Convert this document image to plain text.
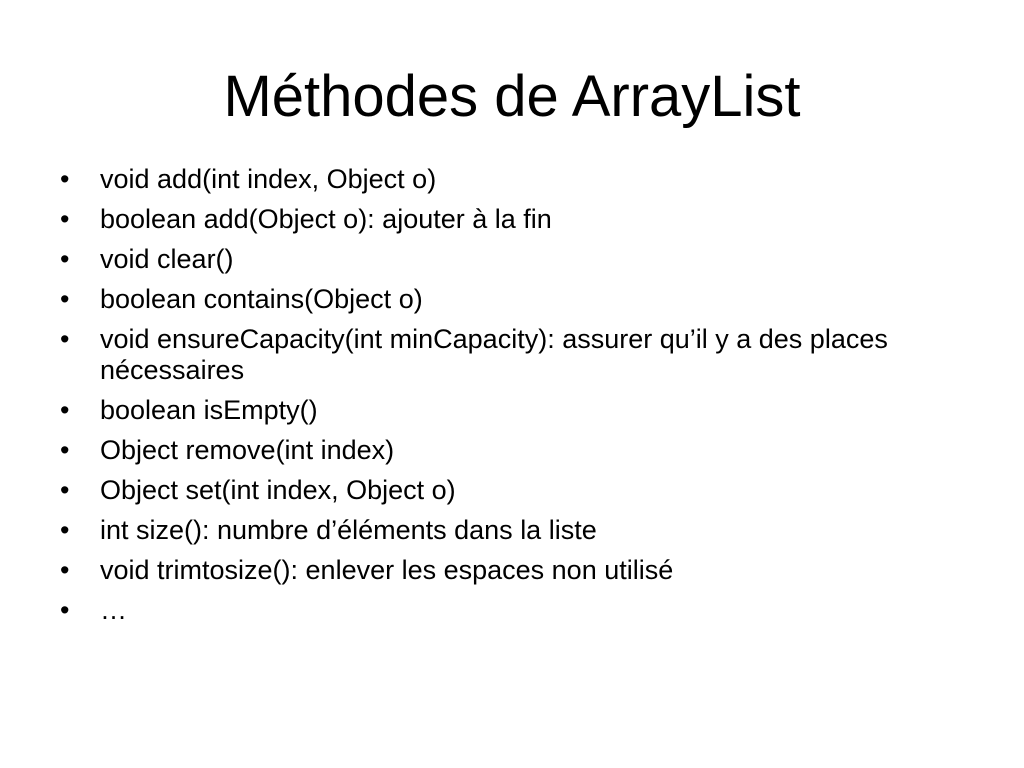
Méthodes de ArrayList
• void add(int index, Object o)
• boolean add(Object o): ajouter à la fin
• void clear()
• boolean contains(Object o)
• void ensureCapacity(int minCapacity): assurer qu’il y a des places nécessaires
• boolean isEmpty()
• Object remove(int index)
• Object set(int index, Object o)
• int size(): numbre d’éléments dans la liste
• void trimtosize(): enlever les espaces non utilisé
• …
